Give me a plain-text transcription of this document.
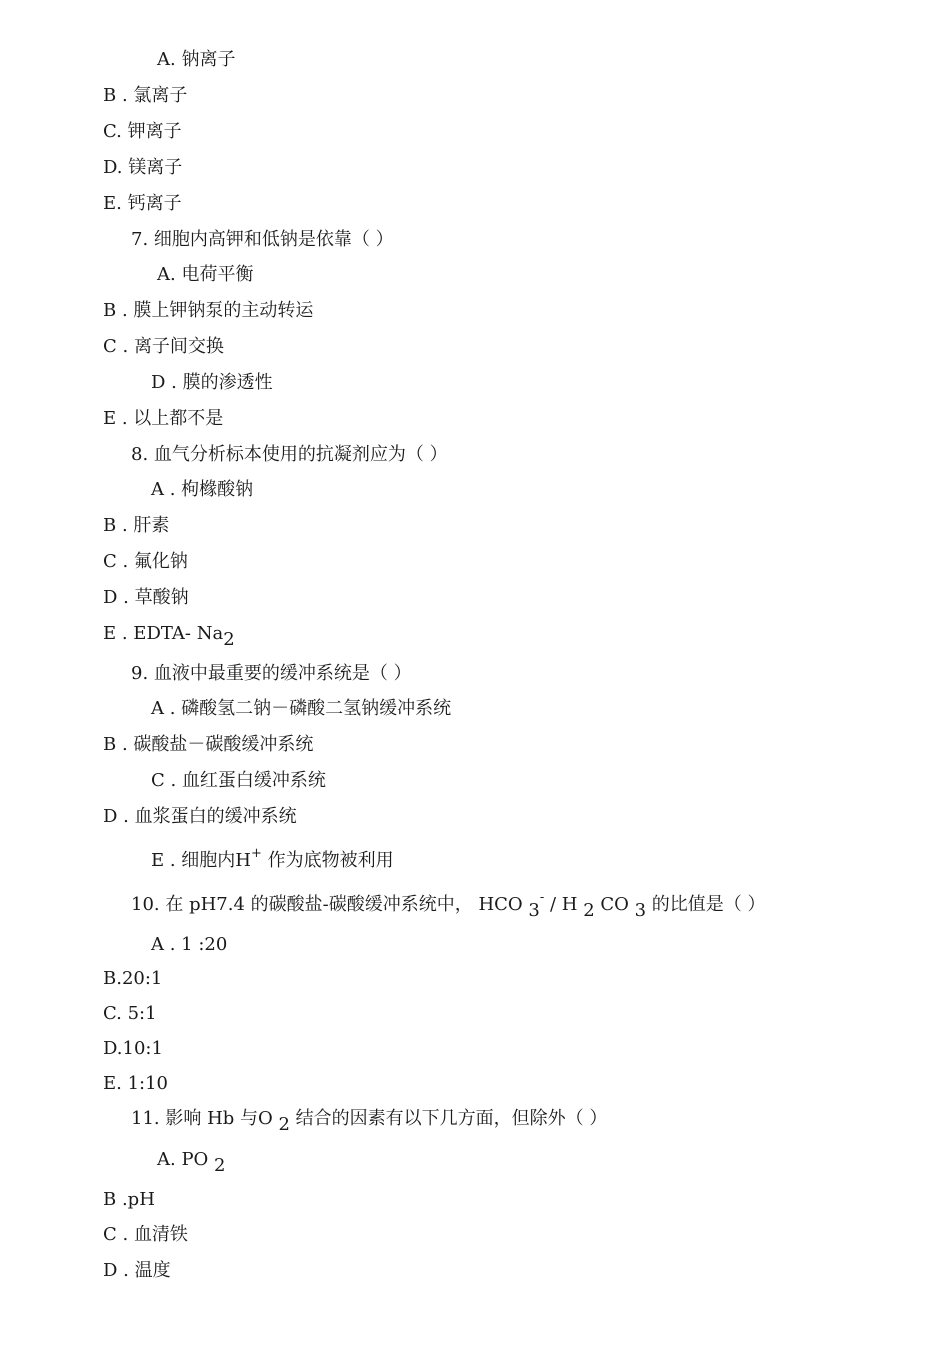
A. 钠离子
B . 氯离子
C. 钾离子
D. 镁离子
E. 钙离子
7. 细胞内高钾和低钠是依靠（ ）
A. 电荷平衡
B . 膜上钾钠泵的主动转运
C . 离子间交换
D . 膜的渗透性
E . 以上都不是
8. 血气分析标本使用的抗凝剂应为（ ）
A . 枸橼酸钠
B . 肝素
C . 氟化钠
D . 草酸钠
E . EDTA- Na2
9. 血液中最重要的缓冲系统是（ ）
A . 磷酸氢二钠－磷酸二氢钠缓冲系统
B . 碳酸盐－碳酸缓冲系统
C . 血红蛋白缓冲系统
D . 血浆蛋白的缓冲系统
E . 细胞内H+ 作为底物被利用
10. 在 pH7.4 的碳酸盐-碳酸缓冲系统中， HCO 3- / H 2 CO 3 的比值是（ ）
A . 1 :20
B.20:1
C. 5:1
D.10:1
E. 1:10
11. 影响 Hb 与O 2 结合的因素有以下几方面，但除外（ ）
A. PO 2
B .pH
C . 血清铁
D . 温度
